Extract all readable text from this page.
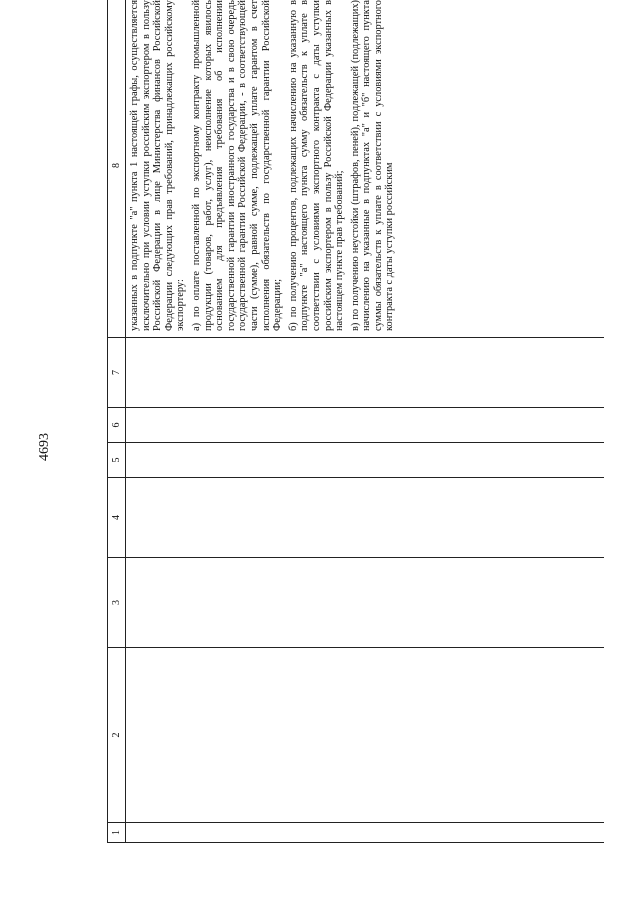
4693
1	2	3	4	5	6	7	8

							указанных в подпункте "а" пункта 1 настоящей графы, осуществляется исключительно при условии уступки российским экспортером в пользу Российской Федерации в лице Министерства финансов Российской Федерации следующих прав требований, принадлежащих российскому экспортеру: а) по оплате поставленной по экспортному контракту промышленной продукции (товаров, работ, услуг), неисполнение которых явилось основанием для предъявления требования об исполнении государственной гарантии иностранного государства и в свою очередь государственной гарантии Российской Федерации, - в соответствующей части (сумме), равной сумме, подлежащей уплате гарантом в счет исполнения обязательств по государственной гарантии Российской Федерации; б) по получению процентов, подлежащих начислению на указанную в подпункте "а" настоящего пункта сумму обязательств к уплате в соответствии с условиями экспортного контракта с даты уступки российским экспортером в пользу Российской Федерации указанных в настоящем пункте прав требований; в) по получению неустойки (штрафов, пеней), подлежащей (подлежащих) начислению на указанные в подпунктах "а" и "б" настоящего пункта суммы обязательств к уплате в соответствии с условиями экспортного контракта с даты уступки российским
